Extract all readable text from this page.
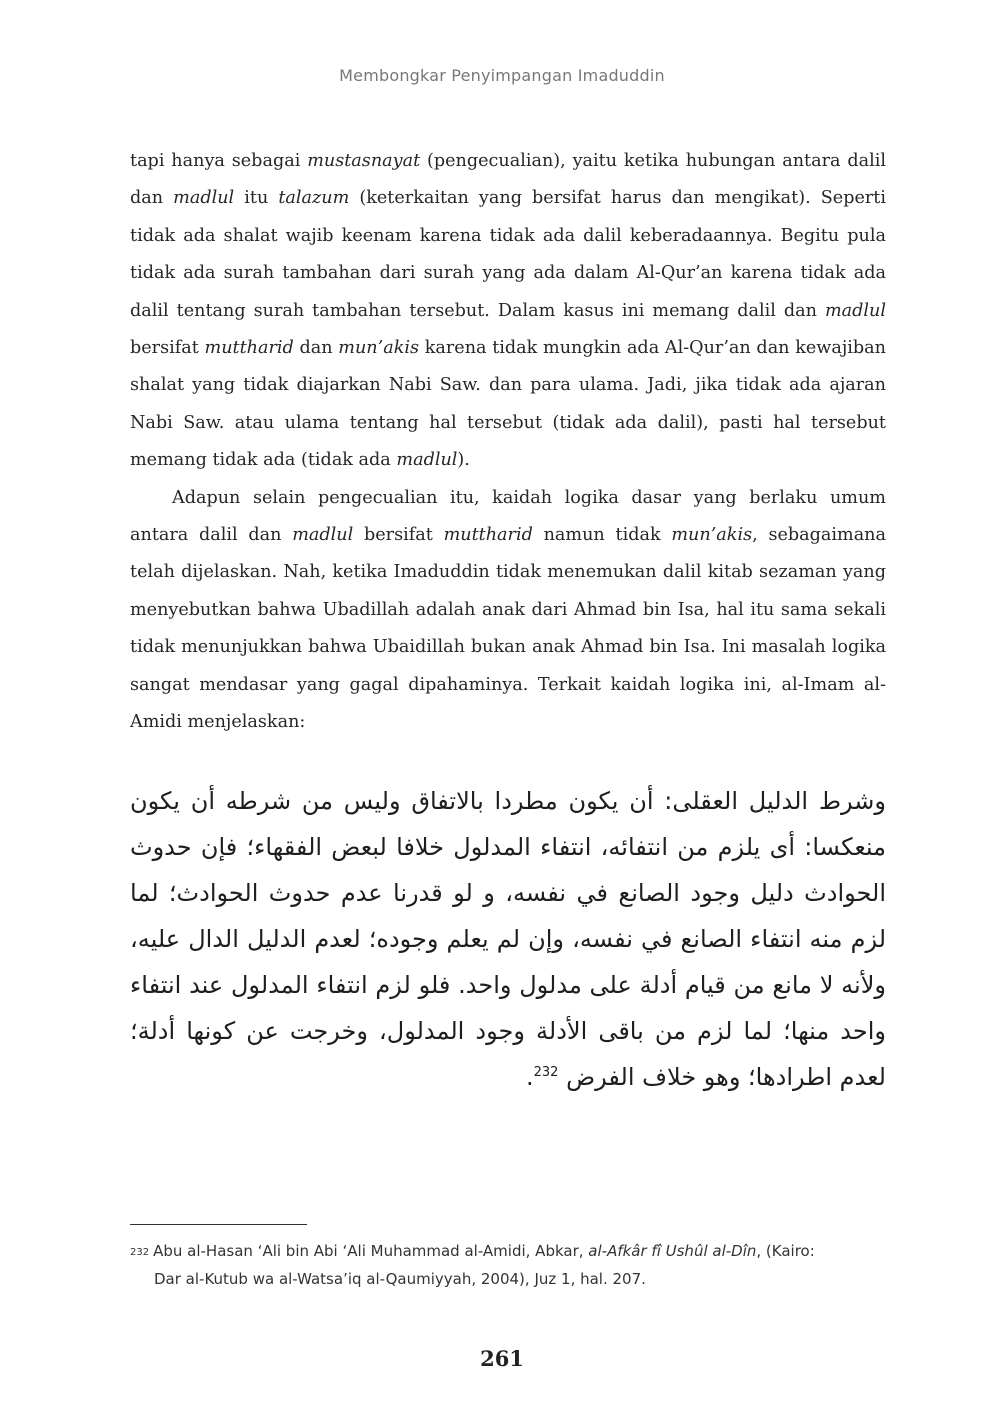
Membongkar Penyimpangan Imaduddin

tapi hanya sebagai mustasnayat (pengecualian), yaitu ketika hubungan antara dalil dan madlul itu talazum (keterkaitan yang bersifat harus dan mengikat). Seperti tidak ada shalat wajib keenam karena tidak ada dalil keberadaannya. Begitu pula tidak ada surah tambahan dari surah yang ada dalam Al-Qur’an karena tidak ada dalil tentang surah tambahan tersebut. Dalam kasus ini memang dalil dan madlul bersifat muttharid dan mun’akis karena tidak mungkin ada Al-Qur’an dan kewajiban shalat yang tidak diajarkan Nabi Saw. dan para ulama. Jadi, jika tidak ada ajaran Nabi Saw. atau ulama tentang hal tersebut (tidak ada dalil), pasti hal tersebut memang tidak ada (tidak ada madlul).

Adapun selain pengecualian itu, kaidah logika dasar yang berlaku umum antara dalil dan madlul bersifat muttharid namun tidak mun’akis, sebagaimana telah dijelaskan. Nah, ketika Imaduddin tidak menemukan dalil kitab sezaman yang menyebutkan bahwa Ubadillah adalah anak dari Ahmad bin Isa, hal itu sama sekali tidak menunjukkan bahwa Ubaidillah bukan anak Ahmad bin Isa. Ini masalah logika sangat mendasar yang gagal dipahaminya. Terkait kaidah logika ini, al-Imam al-Amidi menjelaskan:

وشرط الدليل العقلى: أن يكون مطردا بالاتفاق وليس من شرطه أن يكون منعكسا: أى يلزم من انتفائه، انتفاء المدلول خلافا لبعض الفقهاء؛ فإن حدوث الحوادث دليل وجود الصانع في نفسه، و لو قدرنا عدم حدوث الحوادث؛ لما لزم منه انتفاء الصانع في نفسه، وإن لم يعلم وجوده؛ لعدم الدليل الدال عليه، ولأنه لا مانع من قيام أدلة على مدلول واحد. فلو لزم انتفاء المدلول عند انتفاء واحد منها؛ لما لزم من باقى الأدلة وجود المدلول، وخرجت عن كونها أدلة؛ لعدم اطرادها؛ وهو خلاف الفرض $^{232}$.
$^{232}$ Abu al-Hasan ‘Ali bin Abi ‘Ali Muhammad al-Amidi, Abkar, al-Afkâr fî Ushûl al-Dîn, (Kairo:
Dar al-Kutub wa al-Watsa’iq al-Qaumiyyah, 2004), Juz 1, hal. 207.
261
